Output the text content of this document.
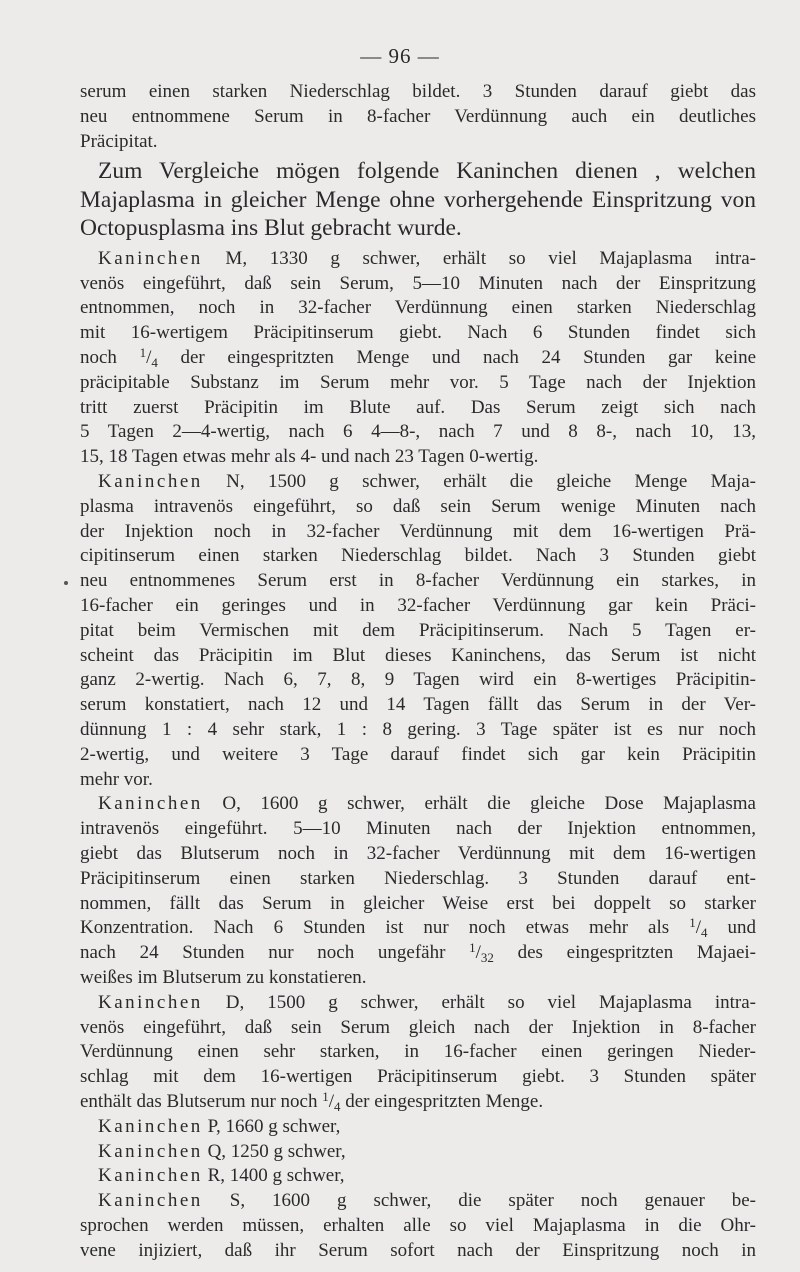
— 96 —
serum einen starken Niederschlag bildet. 3 Stunden darauf giebt das
neu entnommene Serum in 8-facher Verdünnung auch ein deutliches
Präcipitat.
Zum Vergleiche mögen folgende Kaninchen dienen , welchen
Majaplasma in gleicher Menge ohne vorhergehende Einspritzung von
Octopusplasma ins Blut gebracht wurde.
Kaninchen M, 1330 g schwer, erhält so viel Majaplasma intra-
venös eingeführt, daß sein Serum, 5—10 Minuten nach der Einspritzung
entnommen, noch in 32-facher Verdünnung einen starken Niederschlag
mit 16-wertigem Präcipitinserum giebt. Nach 6 Stunden findet sich
noch $^1/_4$ der eingespritzten Menge und nach 24 Stunden gar keine
präcipitable Substanz im Serum mehr vor. 5 Tage nach der Injektion
tritt zuerst Präcipitin im Blute auf. Das Serum zeigt sich nach
5 Tagen 2—4-wertig, nach 6 4—8-, nach 7 und 8 8-, nach 10, 13,
15, 18 Tagen etwas mehr als 4- und nach 23 Tagen 0-wertig.
Kaninchen N, 1500 g schwer, erhält die gleiche Menge Maja-
plasma intravenös eingeführt, so daß sein Serum wenige Minuten nach
der Injektion noch in 32-facher Verdünnung mit dem 16-wertigen Prä-
cipitinserum einen starken Niederschlag bildet. Nach 3 Stunden giebt
neu entnommenes Serum erst in 8-facher Verdünnung ein starkes, in
16-facher ein geringes und in 32-facher Verdünnung gar kein Präci-
pitat beim Vermischen mit dem Präcipitinserum. Nach 5 Tagen er-
scheint das Präcipitin im Blut dieses Kaninchens, das Serum ist nicht
ganz 2-wertig. Nach 6, 7, 8, 9 Tagen wird ein 8-wertiges Präcipitin-
serum konstatiert, nach 12 und 14 Tagen fällt das Serum in der Ver-
dünnung 1 : 4 sehr stark, 1 : 8 gering. 3 Tage später ist es nur noch
2-wertig, und weitere 3 Tage darauf findet sich gar kein Präcipitin
mehr vor.
Kaninchen O, 1600 g schwer, erhält die gleiche Dose Majaplasma
intravenös eingeführt. 5—10 Minuten nach der Injektion entnommen,
giebt das Blutserum noch in 32-facher Verdünnung mit dem 16-wertigen
Präcipitinserum einen starken Niederschlag. 3 Stunden darauf ent-
nommen, fällt das Serum in gleicher Weise erst bei doppelt so starker
Konzentration. Nach 6 Stunden ist nur noch etwas mehr als $^1/_4$ und
nach 24 Stunden nur noch ungefähr $^1/_{32}$ des eingespritzten Majaei-
weißes im Blutserum zu konstatieren.
Kaninchen D, 1500 g schwer, erhält so viel Majaplasma intra-
venös eingeführt, daß sein Serum gleich nach der Injektion in 8-facher
Verdünnung einen sehr starken, in 16-facher einen geringen Nieder-
schlag mit dem 16-wertigen Präcipitinserum giebt. 3 Stunden später
enthält das Blutserum nur noch $^1/_4$ der eingespritzten Menge.
Kaninchen P, 1660 g schwer,
Kaninchen Q, 1250 g schwer,
Kaninchen R, 1400 g schwer,
Kaninchen S, 1600 g schwer, die später noch genauer be-
sprochen werden müssen, erhalten alle so viel Majaplasma in die Ohr-
vene injiziert, daß ihr Serum sofort nach der Einspritzung noch in
